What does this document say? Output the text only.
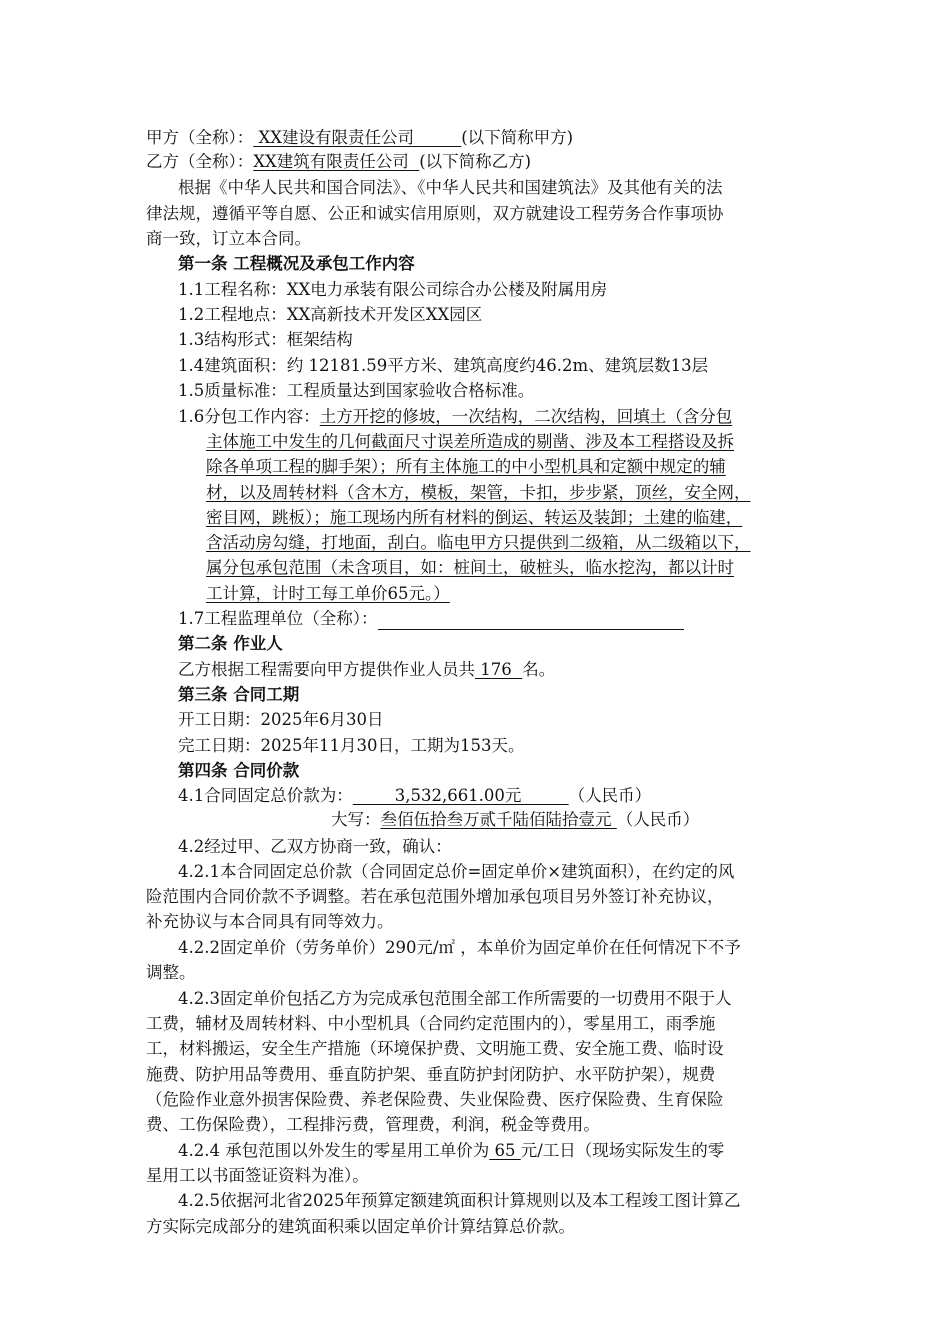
甲方（全称）： XX建设有限责任公司         (以下简称甲方)
乙方（全称）：XX建筑有限责任公司  (以下简称乙方)
根据《中华人民共和国合同法》、《中华人民共和国建筑法》及其他有关的法
律法规，遵循平等自愿、公正和诚实信用原则，双方就建设工程劳务合作事项协
商一致，订立本合同。
第一条 工程概况及承包工作内容
1.1工程名称：XX电力承装有限公司综合办公楼及附属用房
1.2工程地点：XX高新技术开发区XX园区
1.3结构形式：框架结构
1.4建筑面积：约 12181.59平方米、建筑高度约46.2m、建筑层数13层
1.5质量标准：工程质量达到国家验收合格标准。
1.6分包工作内容：土方开挖的修坡，一次结构，二次结构，回填土（含分包
主体施工中发生的几何截面尺寸误差所造成的剔凿、涉及本工程搭设及拆
除各单项工程的脚手架）；所有主体施工的中小型机具和定额中规定的辅
材，以及周转材料（含木方，模板，架管，卡扣，步步紧，顶丝，安全网，
密目网，跳板）；施工现场内所有材料的倒运、转运及装卸；土建的临建，
含活动房勾缝，打地面，刮白。临电甲方只提供到二级箱，从二级箱以下，
属分包承包范围（未含项目，如：桩间土，破桩头，临水挖沟，都以计时
工计算，计时工每工单价65元。）
1.7工程监理单位（全称）：
第二条 作业人
乙方根据工程需要向甲方提供作业人员共 176  名。
第三条 合同工期
开工日期：2025年6月30日
完工日期：2025年11月30日，工期为153天。
第四条 合同价款
4.1合同固定总价款为：        3,532,661.00元         （人民币）
大写：叁佰伍拾叁万贰千陆佰陆拾壹元 （人民币）
4.2经过甲、乙双方协商一致，确认：
4.2.1本合同固定总价款（合同固定总价=固定单价×建筑面积），在约定的风
险范围内合同价款不予调整。若在承包范围外增加承包项目另外签订补充协议，
补充协议与本合同具有同等效力。
4.2.2固定单价（劳务单价）290元/㎡ ，本单价为固定单价在任何情况下不予
调整。
4.2.3固定单价包括乙方为完成承包范围全部工作所需要的一切费用不限于人
工费，辅材及周转材料、中小型机具（合同约定范围内的），零星用工，雨季施
工，材料搬运，安全生产措施（环境保护费、文明施工费、安全施工费、临时设
施费、防护用品等费用、垂直防护架、垂直防护封闭防护、水平防护架），规费
（危险作业意外损害保险费、养老保险费、失业保险费、医疗保险费、生育保险
费、工伤保险费），工程排污费，管理费，利润，税金等费用。
4.2.4 承包范围以外发生的零星用工单价为 65 元/工日（现场实际发生的零
星用工以书面签证资料为准）。
4.2.5依据河北省2025年预算定额建筑面积计算规则以及本工程竣工图计算乙
方实际完成部分的建筑面积乘以固定单价计算结算总价款。
